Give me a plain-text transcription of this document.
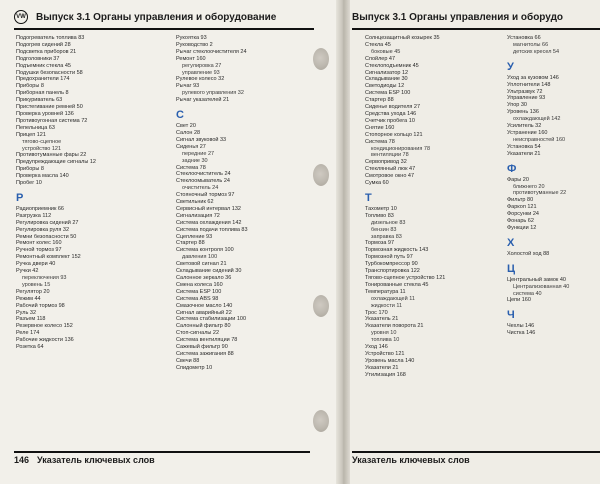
VW Выпуск 3.1 Органы управления и оборудование	Выпуск 3.1 Органы управления и оборудо
Подогреватель топлива 83
Подогрев сидений 28
Подсветка приборов 21
Подголовники 37
Подъемник стекла 45
Подушки безопасности 58
Предохранители 174
Приборы 8
Приборная панель 8
Прикуриватель 63
Пристегивание ремней 50
Проверка уровней 136
Противоугонная система 72
Пепельница 63
Прицеп 121
тягово-сцепное
устройство 121
Противотуманные фары 22
Предупреждающие сигналы 12
Приборы 8
Проверка масла 140
Пробег 10
Р
Радиоприемник 66
Разгрузка 112
Регулировка сидений 27
Регулировка руля 32
Ремни безопасности 50
Ремонт колес 160
Ручной тормоз 97
Ремонтный комплект 152
Ручка двери 40
Ручки 42
переключения 93
уровень 15
Регулятор 20
Режим 44
Рабочий тормоз 98
Руль 32
Разъем 118
Резервное колесо 152
Реле 174
Рабочие жидкости 136
Розетка 64
Рукоятка 93
Руководство 2
Рычаг стеклоочистителя 24
Ремонт 160
регулировка 27
управление 93
Рулевое колесо 32
Рычаг 93
рулевого управления 32
Рычаг указателей 21
С
Свет 20
Салон 28
Сигнал звуковой 33
Сиденья 27
передние 27
задние 30
Система 78
Стеклоочиститель 24
Стеклоомыватель 24
очиститель 24
Стояночный тормоз 97
Светильник 62
Сервисный интервал 132
Сигнализация 72
Система охлаждения 142
Система подачи топлива 83
Сцепление 93
Стартер 88
Система контроля 100
давления 100
Световой сигнал 21
Складывание сидений 30
Салонное зеркало 36
Смена колеса 160
Система ESP 100
Система ABS 98
Смазочное масло 140
Сигнал аварийный 22
Система стабилизации 100
Салонный фильтр 80
Стоп-сигналы 22
Система вентиляции 78
Сажевый фильтр 90
Система зажигания 88
Свечи 88
Спидометр 10
Солнцезащитный козырек 35
Стекла 45
боковые 45
Спойлер 47
Стеклоподъемник 45
Сигнализатор 12
Складывание 30
Светодиоды 12
Система ESP 100
Стартер 88
Сиденье водителя 27
Средства ухода 146
Счетчик пробега 10
Снятие 160
Стопорное кольцо 121
Система 78
кондиционирования 78
вентиляции 78
Сервопривод 32
Стеклянный люк 47
Смотровое окно 47
Сумка 60
Т
Тахометр 10
Топливо 83
дизельное 83
бензин 83
заправка 83
Тормоза 97
Тормозная жидкость 143
Тормозной путь 97
Турбокомпрессор 90
Транспортировка 122
Тягово-сцепное устройство 121
Тонированные стекла 45
Температура 11
охлаждающей 11
жидкости 11
Трос 170
Указатель 21
Указатели поворота 21
уровня 10
топлива 10
Уход 146
Устройство 121
Уровень масла 140
Указатели 21
Утилизация 168
Установка 66
магнитолы 66
детских кресел 54
У
Уход за кузовом 146
Уплотнители 148
Ультразвук 72
Управление 93
Упор 30
Уровень 136
охлаждающей 142
Усилитель 32
Устранение 160
неисправностей 160
Установка 54
Указатели 21
Ф
Фары 20
ближнего 20
противотуманные 22
Фильтр 80
Фаркоп 121
Форсунки 24
Фонарь 62
Функции 12
Х
Холостой ход 88
Ц
Центральный замок 40
Централизованная 40
система 40
Цепи 160
Ч
Чехлы 146
Чистка 146
146 Указатель ключевых слов	Указатель ключевых слов
